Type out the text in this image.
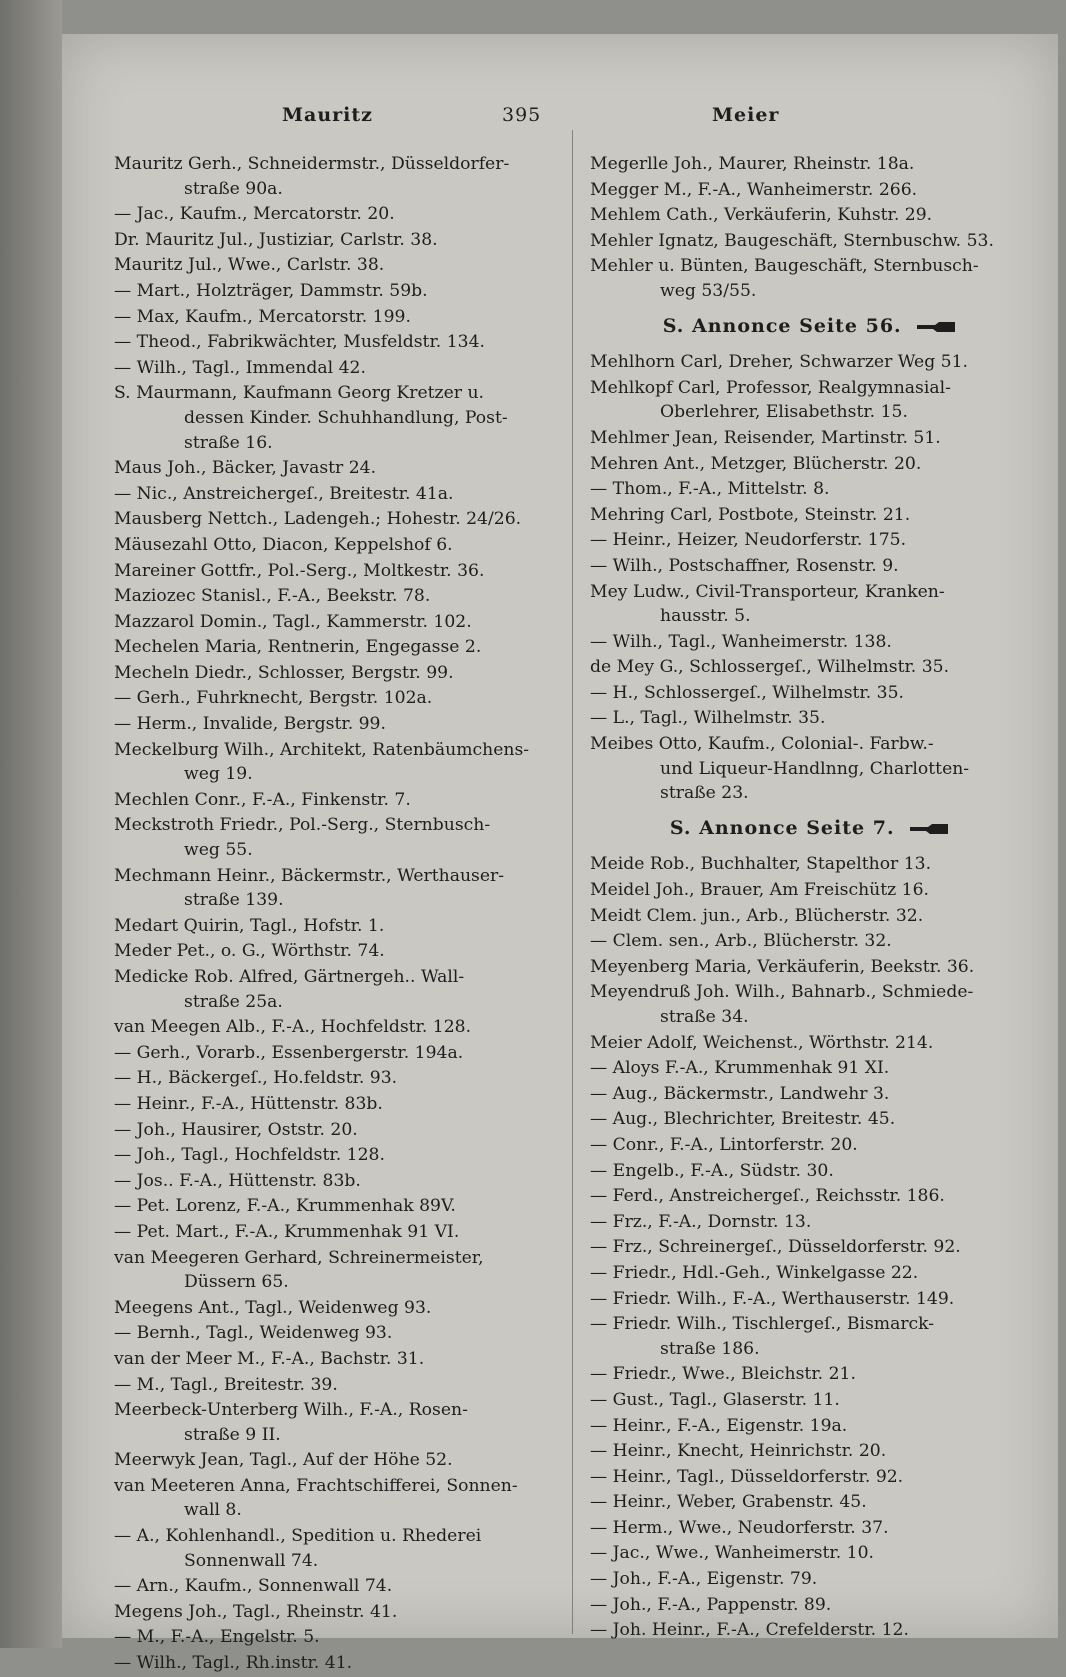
Mauritz	395	Meier
Mauritz Gerh., Schneidermstr., Düsseldorfer-
straße 90a.
— Jac., Kaufm., Mercatorstr. 20.
Dr. Mauritz Jul., Justiziar, Carlstr. 38.
Mauritz Jul., Wwe., Carlstr. 38.
— Mart., Holzträger, Dammstr. 59b.
— Max, Kaufm., Mercatorstr. 199.
— Theod., Fabrikwächter, Musfeldstr. 134.
— Wilh., Tagl., Immendal 42.
S. Maurmann, Kaufmann Georg Kretzer u.
dessen Kinder. Schuhhandlung, Post-
straße 16.
Maus Joh., Bäcker, Javastr 24.
— Nic., Anstreichergeſ., Breitestr. 41a.
Mausberg Nettch., Ladengeh.; Hohestr. 24/26.
Mäusezahl Otto, Diacon, Keppelshof 6.
Mareiner Gottfr., Pol.-Serg., Moltkestr. 36.
Maziozec Stanisl., F.-A., Beekstr. 78.
Mazzarol Domin., Tagl., Kammerstr. 102.
Mechelen Maria, Rentnerin, Engegasse 2.
Mecheln Diedr., Schlosser, Bergstr. 99.
— Gerh., Fuhrknecht, Bergstr. 102a.
— Herm., Invalide, Bergstr. 99.
Meckelburg Wilh., Architekt, Ratenbäumchens-
weg 19.
Mechlen Conr., F.-A., Finkenstr. 7.
Meckstroth Friedr., Pol.-Serg., Sternbusch-
weg 55.
Mechmann Heinr., Bäckermstr., Werthauser-
straße 139.
Medart Quirin, Tagl., Hofstr. 1.
Meder Pet., o. G., Wörthstr. 74.
Medicke Rob. Alfred, Gärtnergeh.. Wall-
straße 25a.
van Meegen Alb., F.-A., Hochfeldstr. 128.
— Gerh., Vorarb., Essenbergerstr. 194a.
— H., Bäckergeſ., Ho.feldstr. 93.
— Heinr., F.-A., Hüttenstr. 83b.
— Joh., Hausirer, Oststr. 20.
— Joh., Tagl., Hochfeldstr. 128.
— Jos.. F.-A., Hüttenstr. 83b.
— Pet. Lorenz, F.-A., Krummenhak 89V.
— Pet. Mart., F.-A., Krummenhak 91 VI.
van Meegeren Gerhard, Schreinermeister,
Düssern 65.
Meegens Ant., Tagl., Weidenweg 93.
— Bernh., Tagl., Weidenweg 93.
van der Meer M., F.-A., Bachstr. 31.
— M., Tagl., Breitestr. 39.
Meerbeck-Unterberg Wilh., F.-A., Rosen-
straße 9 II.
Meerwyk Jean, Tagl., Auf der Höhe 52.
van Meeteren Anna, Frachtschifferei, Sonnen-
wall 8.
— A., Kohlenhandl., Spedition u. Rhederei
Sonnenwall 74.
— Arn., Kaufm., Sonnenwall 74.
Megens Joh., Tagl., Rheinstr. 41.
— M., F.-A., Engelstr. 5.
— Wilh., Tagl., Rh.instr. 41.
Megerlle Joh., Maurer, Rheinstr. 18a.
Megger M., F.-A., Wanheimerstr. 266.
Mehlem Cath., Verkäuferin, Kuhstr. 29.
Mehler Ignatz, Baugeschäft, Sternbuschw. 53.
Mehler u. Bünten, Baugeschäft, Sternbusch-
weg 53/55.
S. Annonce Seite 56.
Mehlhorn Carl, Dreher, Schwarzer Weg 51.
Mehlkopf Carl, Professor, Realgymnasial-
Oberlehrer, Elisabethstr. 15.
Mehlmer Jean, Reisender, Martinstr. 51.
Mehren Ant., Metzger, Blücherstr. 20.
— Thom., F.-A., Mittelstr. 8.
Mehring Carl, Postbote, Steinstr. 21.
— Heinr., Heizer, Neudorferstr. 175.
— Wilh., Postschaffner, Rosenstr. 9.
Mey Ludw., Civil-Transporteur, Kranken-
hausstr. 5.
— Wilh., Tagl., Wanheimerstr. 138.
de Mey G., Schlossergeſ., Wilhelmstr. 35.
— H., Schlossergeſ., Wilhelmstr. 35.
— L., Tagl., Wilhelmstr. 35.
Meibes Otto, Kaufm., Colonial-. Farbw.-
und Liqueur-Handlnng, Charlotten-
straße 23.
S. Annonce Seite 7.
Meide Rob., Buchhalter, Stapelthor 13.
Meidel Joh., Brauer, Am Freischütz 16.
Meidt Clem. jun., Arb., Blücherstr. 32.
— Clem. sen., Arb., Blücherstr. 32.
Meyenberg Maria, Verkäuferin, Beekstr. 36.
Meyendruß Joh. Wilh., Bahnarb., Schmiede-
straße 34.
Meier Adolf, Weichenst., Wörthstr. 214.
— Aloys F.-A., Krummenhak 91 XI.
— Aug., Bäckermstr., Landwehr 3.
— Aug., Blechrichter, Breitestr. 45.
— Conr., F.-A., Lintorferstr. 20.
— Engelb., F.-A., Südstr. 30.
— Ferd., Anstreichergeſ., Reichsstr. 186.
— Frz., F.-A., Dornstr. 13.
— Frz., Schreinergeſ., Düsseldorferstr. 92.
— Friedr., Hdl.-Geh., Winkelgasse 22.
— Friedr. Wilh., F.-A., Werthauserstr. 149.
— Friedr. Wilh., Tischlergeſ., Bismarck-
straße 186.
— Friedr., Wwe., Bleichstr. 21.
— Gust., Tagl., Glaserstr. 11.
— Heinr., F.-A., Eigenstr. 19a.
— Heinr., Knecht, Heinrichstr. 20.
— Heinr., Tagl., Düsseldorferstr. 92.
— Heinr., Weber, Grabenstr. 45.
— Herm., Wwe., Neudorferstr. 37.
— Jac., Wwe., Wanheimerstr. 10.
— Joh., F.-A., Eigenstr. 79.
— Joh., F.-A., Pappenstr. 89.
— Joh. Heinr., F.-A., Crefelderstr. 12.
